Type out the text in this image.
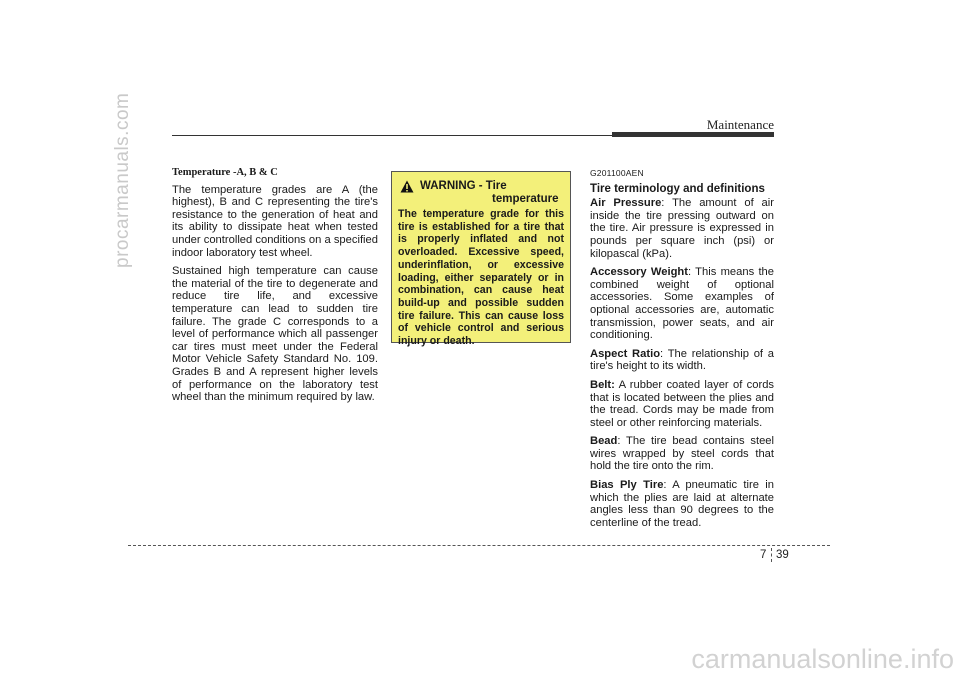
procarmanuals.com	Maintenance
Temperature -A, B & C

The temperature grades are A (the highest), B and C representing the tire's resistance to the generation of heat and its ability to dissipate heat when tested under controlled conditions on a specified indoor laboratory test wheel.

Sustained high temperature can cause the material of the tire to degenerate and reduce tire life, and excessive temperature can lead to sudden tire failure. The grade C corresponds to a level of performance which all passenger car tires must meet under the Federal Motor Vehicle Safety Standard No. 109. Grades B and A represent higher levels of performance on the laboratory test wheel than the minimum required by law.

WARNING - Tire
temperature
The temperature grade for this tire is established for a tire that is properly inflated and not overloaded. Excessive speed, underinflation, or excessive loading, either separately or in combination, can cause heat build-up and possible sudden tire failure. This can cause loss of vehicle control and serious injury or death.
G201100AEN
Tire terminology and definitions

Air Pressure: The amount of air inside the tire pressing outward on the tire. Air pressure is expressed in pounds per square inch (psi) or kilopascal (kPa).

Accessory Weight: This means the combined weight of optional accessories. Some examples of optional accessories are, automatic transmission, power seats, and air conditioning.

Aspect Ratio: The relationship of a tire's height to its width.

Belt: A rubber coated layer of cords that is located between the plies and the tread. Cords may be made from steel or other reinforcing materials.

Bead: The tire bead contains steel wires wrapped by steel cords that hold the tire onto the rim.

Bias Ply Tire: A pneumatic tire in which the plies are laid at alternate angles less than 90 degrees to the centerline of the tread.

7 39
carmanualsonline.info
